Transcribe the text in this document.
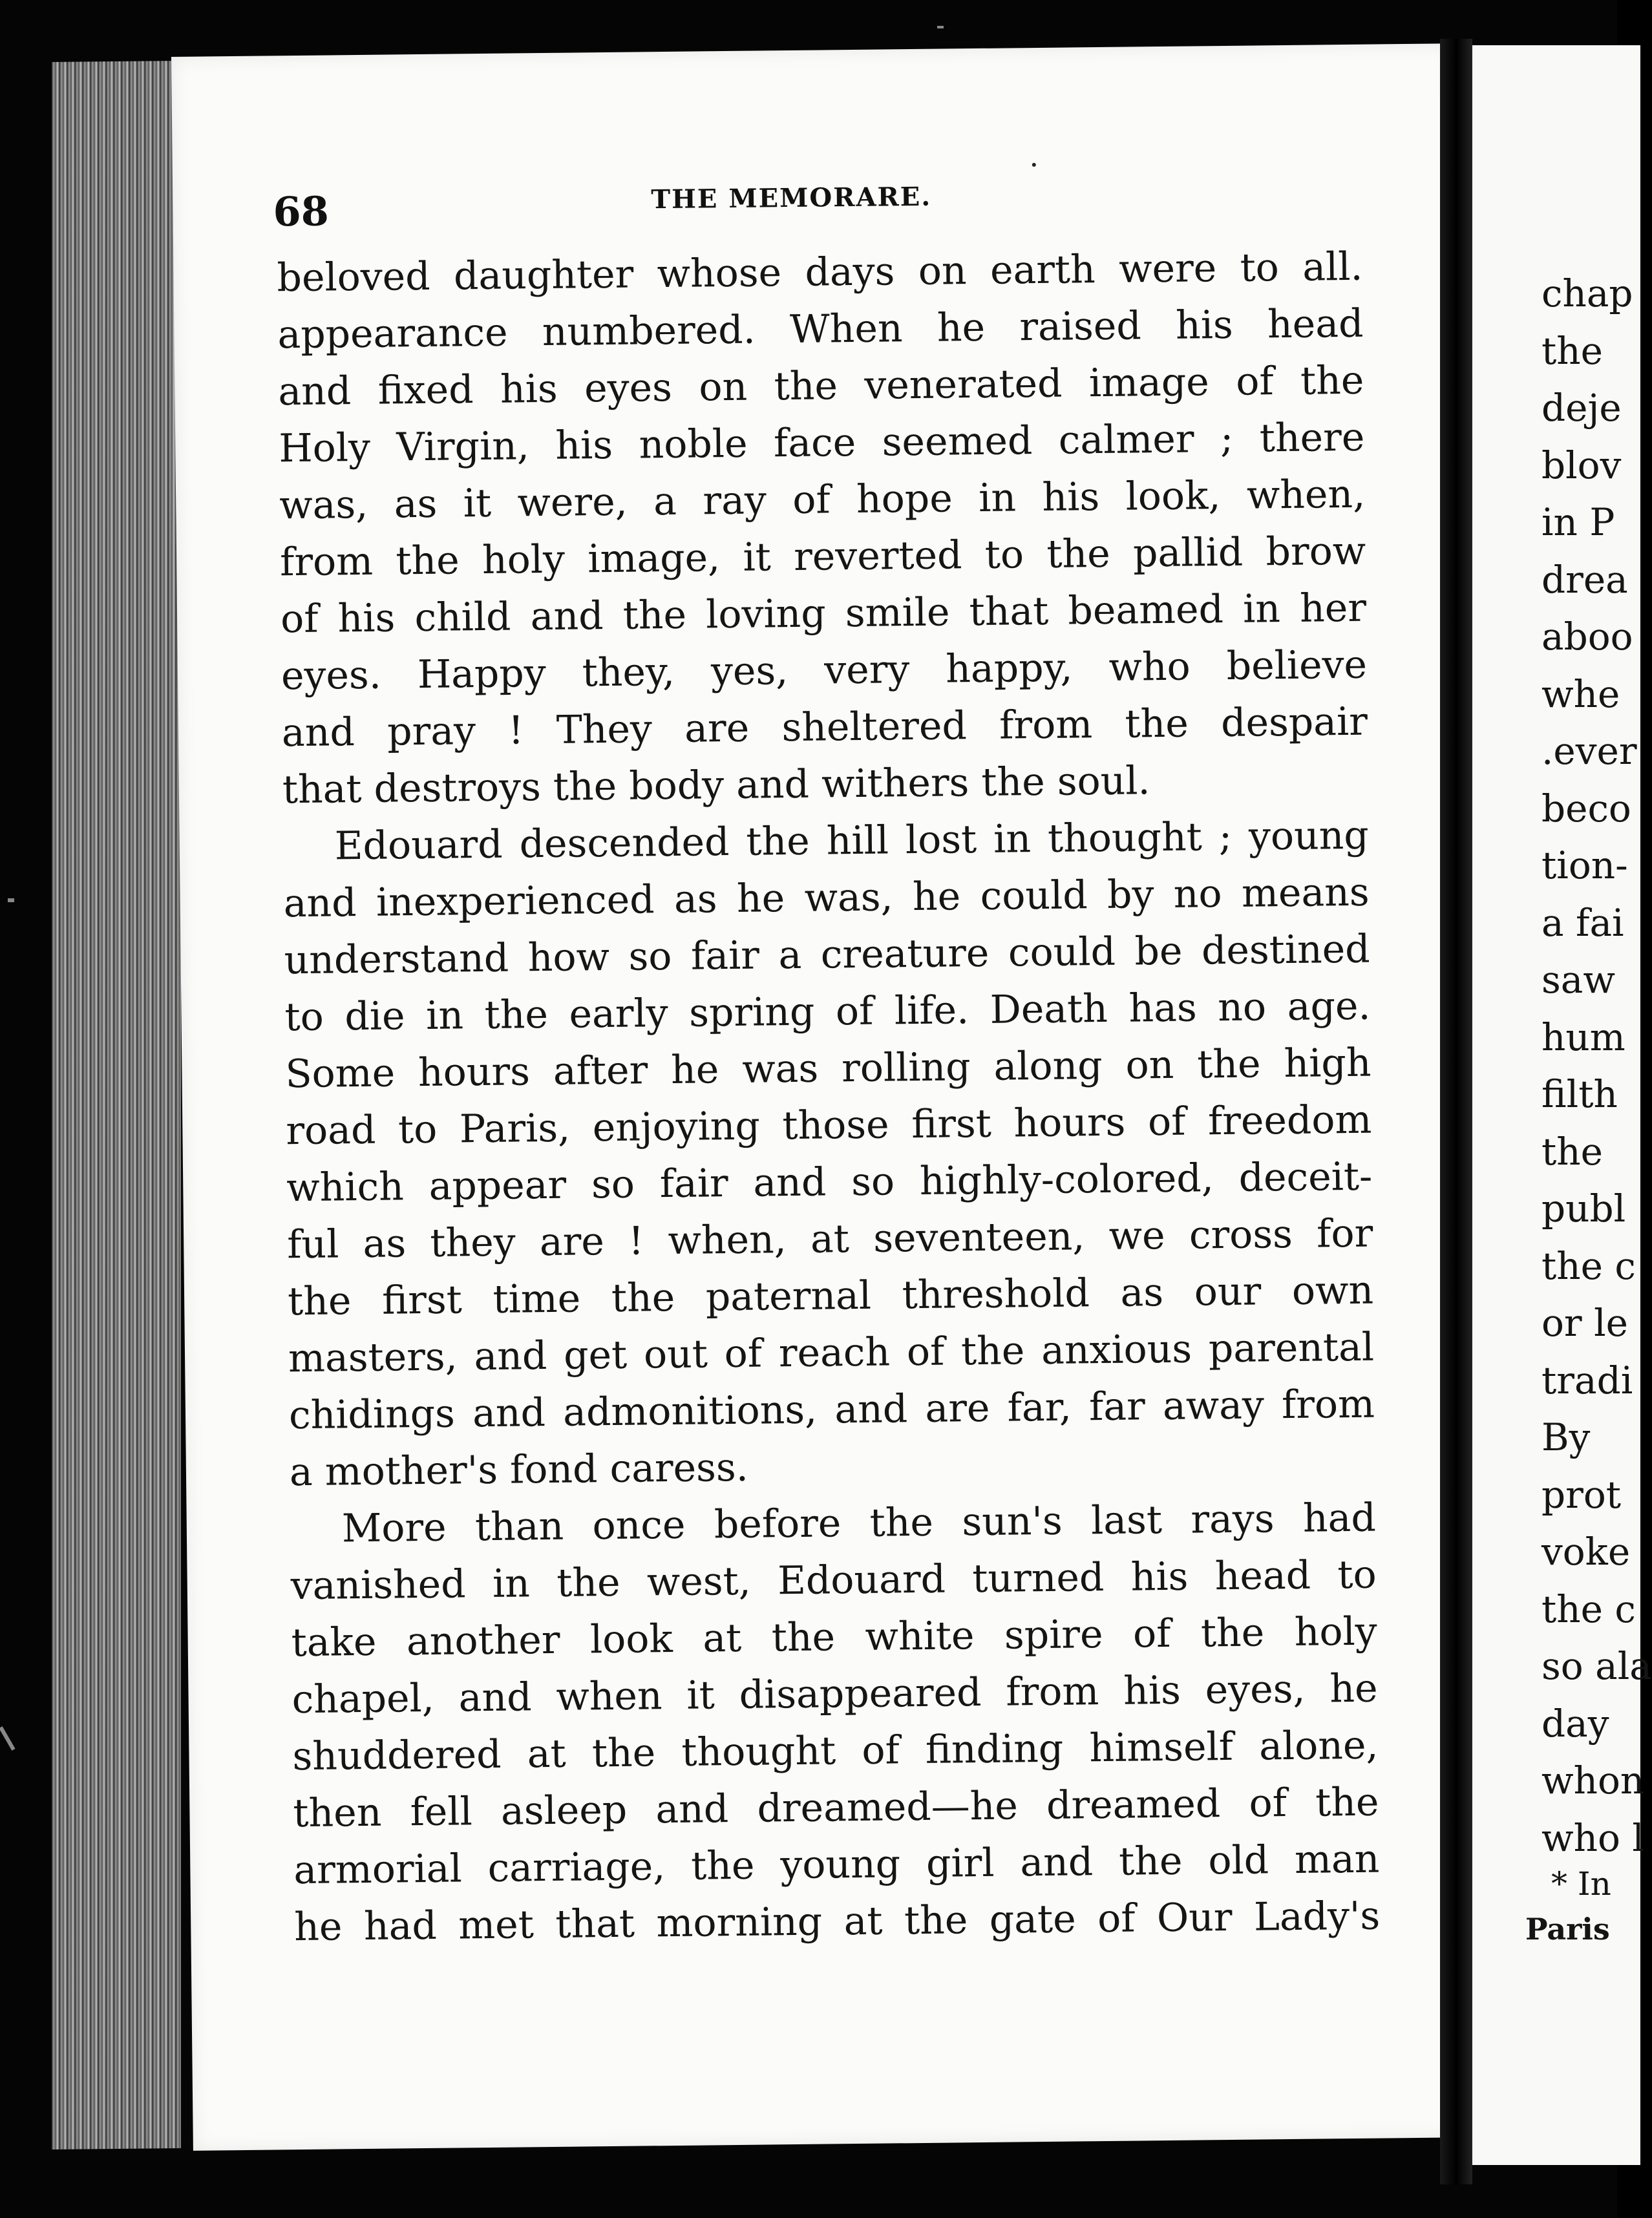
68	THE MEMORARE.
beloved daughter whose days on earth were to all.
appearance numbered. When he raised his head
and fixed his eyes on the venerated image of the
Holy Virgin, his noble face seemed calmer ; there
was, as it were, a ray of hope in his look, when,
from the holy image, it reverted to the pallid brow
of his child and the loving smile that beamed in her
eyes. Happy they, yes, very happy, who believe
and pray ! They are sheltered from the despair
that destroys the body and withers the soul.
Edouard descended the hill lost in thought ; young
and inexperienced as he was, he could by no means
understand how so fair a creature could be destined
to die in the early spring of life. Death has no age.
Some hours after he was rolling along on the high
road to Paris, enjoying those first hours of freedom
which appear so fair and so highly-colored, deceit-
ful as they are ! when, at seventeen, we cross for
the first time the paternal threshold as our own
masters, and get out of reach of the anxious parental
chidings and admonitions, and are far, far away from
a mother's fond caress.
More than once before the sun's last rays had
vanished in the west, Edouard turned his head to
take another look at the white spire of the holy
chapel, and when it disappeared from his eyes, he
shuddered at the thought of finding himself alone,
then fell asleep and dreamed—he dreamed of the
armorial carriage, the young girl and the old man
he had met that morning at the gate of Our Lady's
chap
the
deje
blov
in P
drea
aboo
whe
.ever
beco
tion-
a fai
saw
hum
filth
the
publ
the c
or le
tradi
By
prot
voke
the c
so ala
day
whon
who l
* In
Paris
